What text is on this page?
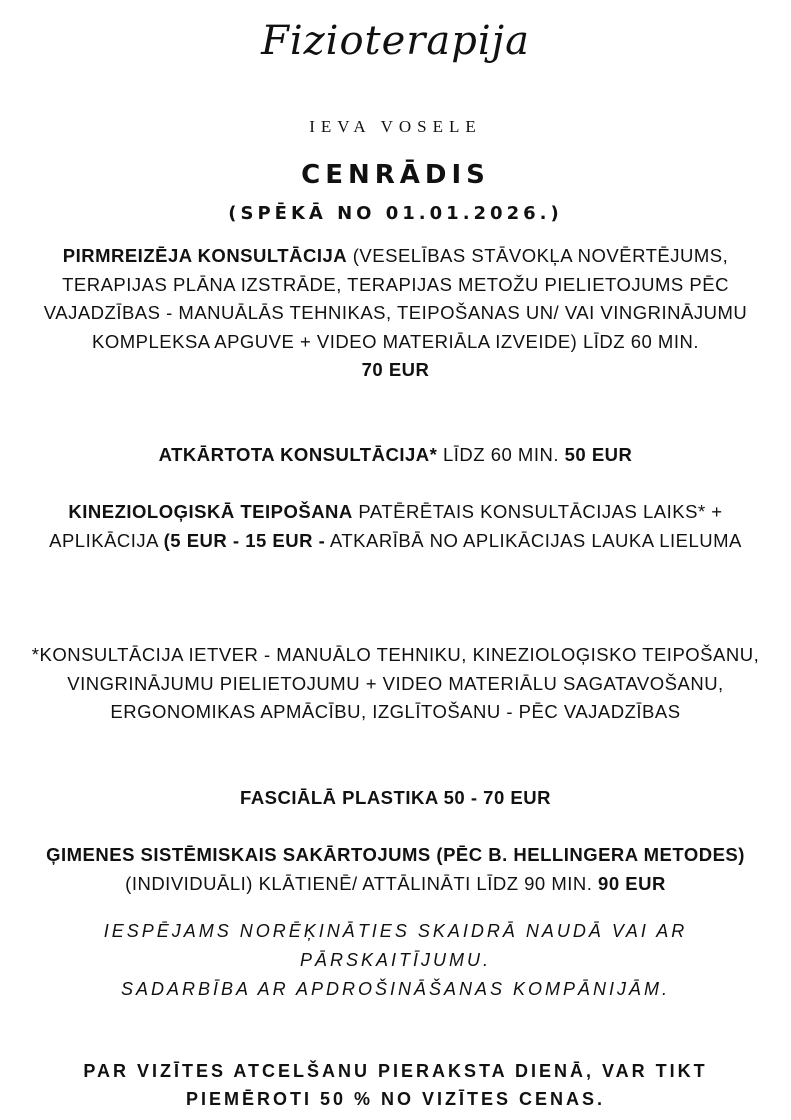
Fizioterapija
IEVA VOSELE
CENRĀDIS
(SPĒKĀ NO 01.01.2026.)
PIRMREIZĒJA KONSULTĀCIJA (VESELĪBAS STĀVOKĻA NOVĒRTĒJUMS, TERAPIJAS PLĀNA IZSTRĀDE, TERAPIJAS METOŽU PIELIETOJUMS PĒC VAJADZĪBAS - MANUĀLĀS TEHNIKAS, TEIPOŠANAS UN/ VAI VINGRINĀJUMU KOMPLEKSA APGUVE + VIDEO MATERIĀLA IZVEIDE) LĪDZ 60 MIN.
70 EUR
ATKĀRTOTA KONSULTĀCIJA* LĪDZ 60 MIN. 50 EUR
KINEZIOLOĢISKĀ TEIPOŠANA PATĒRĒTAIS KONSULTĀCIJAS LAIKS* + APLIKĀCIJA (5 EUR - 15 EUR - ATKARĪBĀ NO APLIKĀCIJAS LAUKA LIELUMA
*KONSULTĀCIJA IETVER - MANUĀLO TEHNIKU, KINEZIOLOĢISKO TEIPOŠANU, VINGRINĀJUMU PIELIETOJUMU + VIDEO MATERIĀLU SAGATAVOŠANU, ERGONOMIKAS APMĀCĪBU, IZGLĪTOŠANU - PĒC VAJADZĪBAS
FASCIĀLĀ PLASTIKA 50 - 70 EUR
ĢIMENES SISTĒMISKAIS SAKĀRTOJUMS (PĒC B. HELLINGERA METODES) (INDIVIDUĀLI) KLĀTIENĒ/ ATTĀLINĀTI LĪDZ 90 MIN. 90 EUR
IESPĒJAMS NORĒĶINĀTIES SKAIDRĀ NAUDĀ VAI AR PĀRSKAITĪJUMU.
SADARBĪBA AR APDROŠINĀŠANAS KOMPĀNIJĀM.
PAR VIZĪTES ATCELŠANU PIERAKSTA DIENĀ, VAR TIKT PIEMĒROTI 50 % NO VIZĪTES CENAS.
